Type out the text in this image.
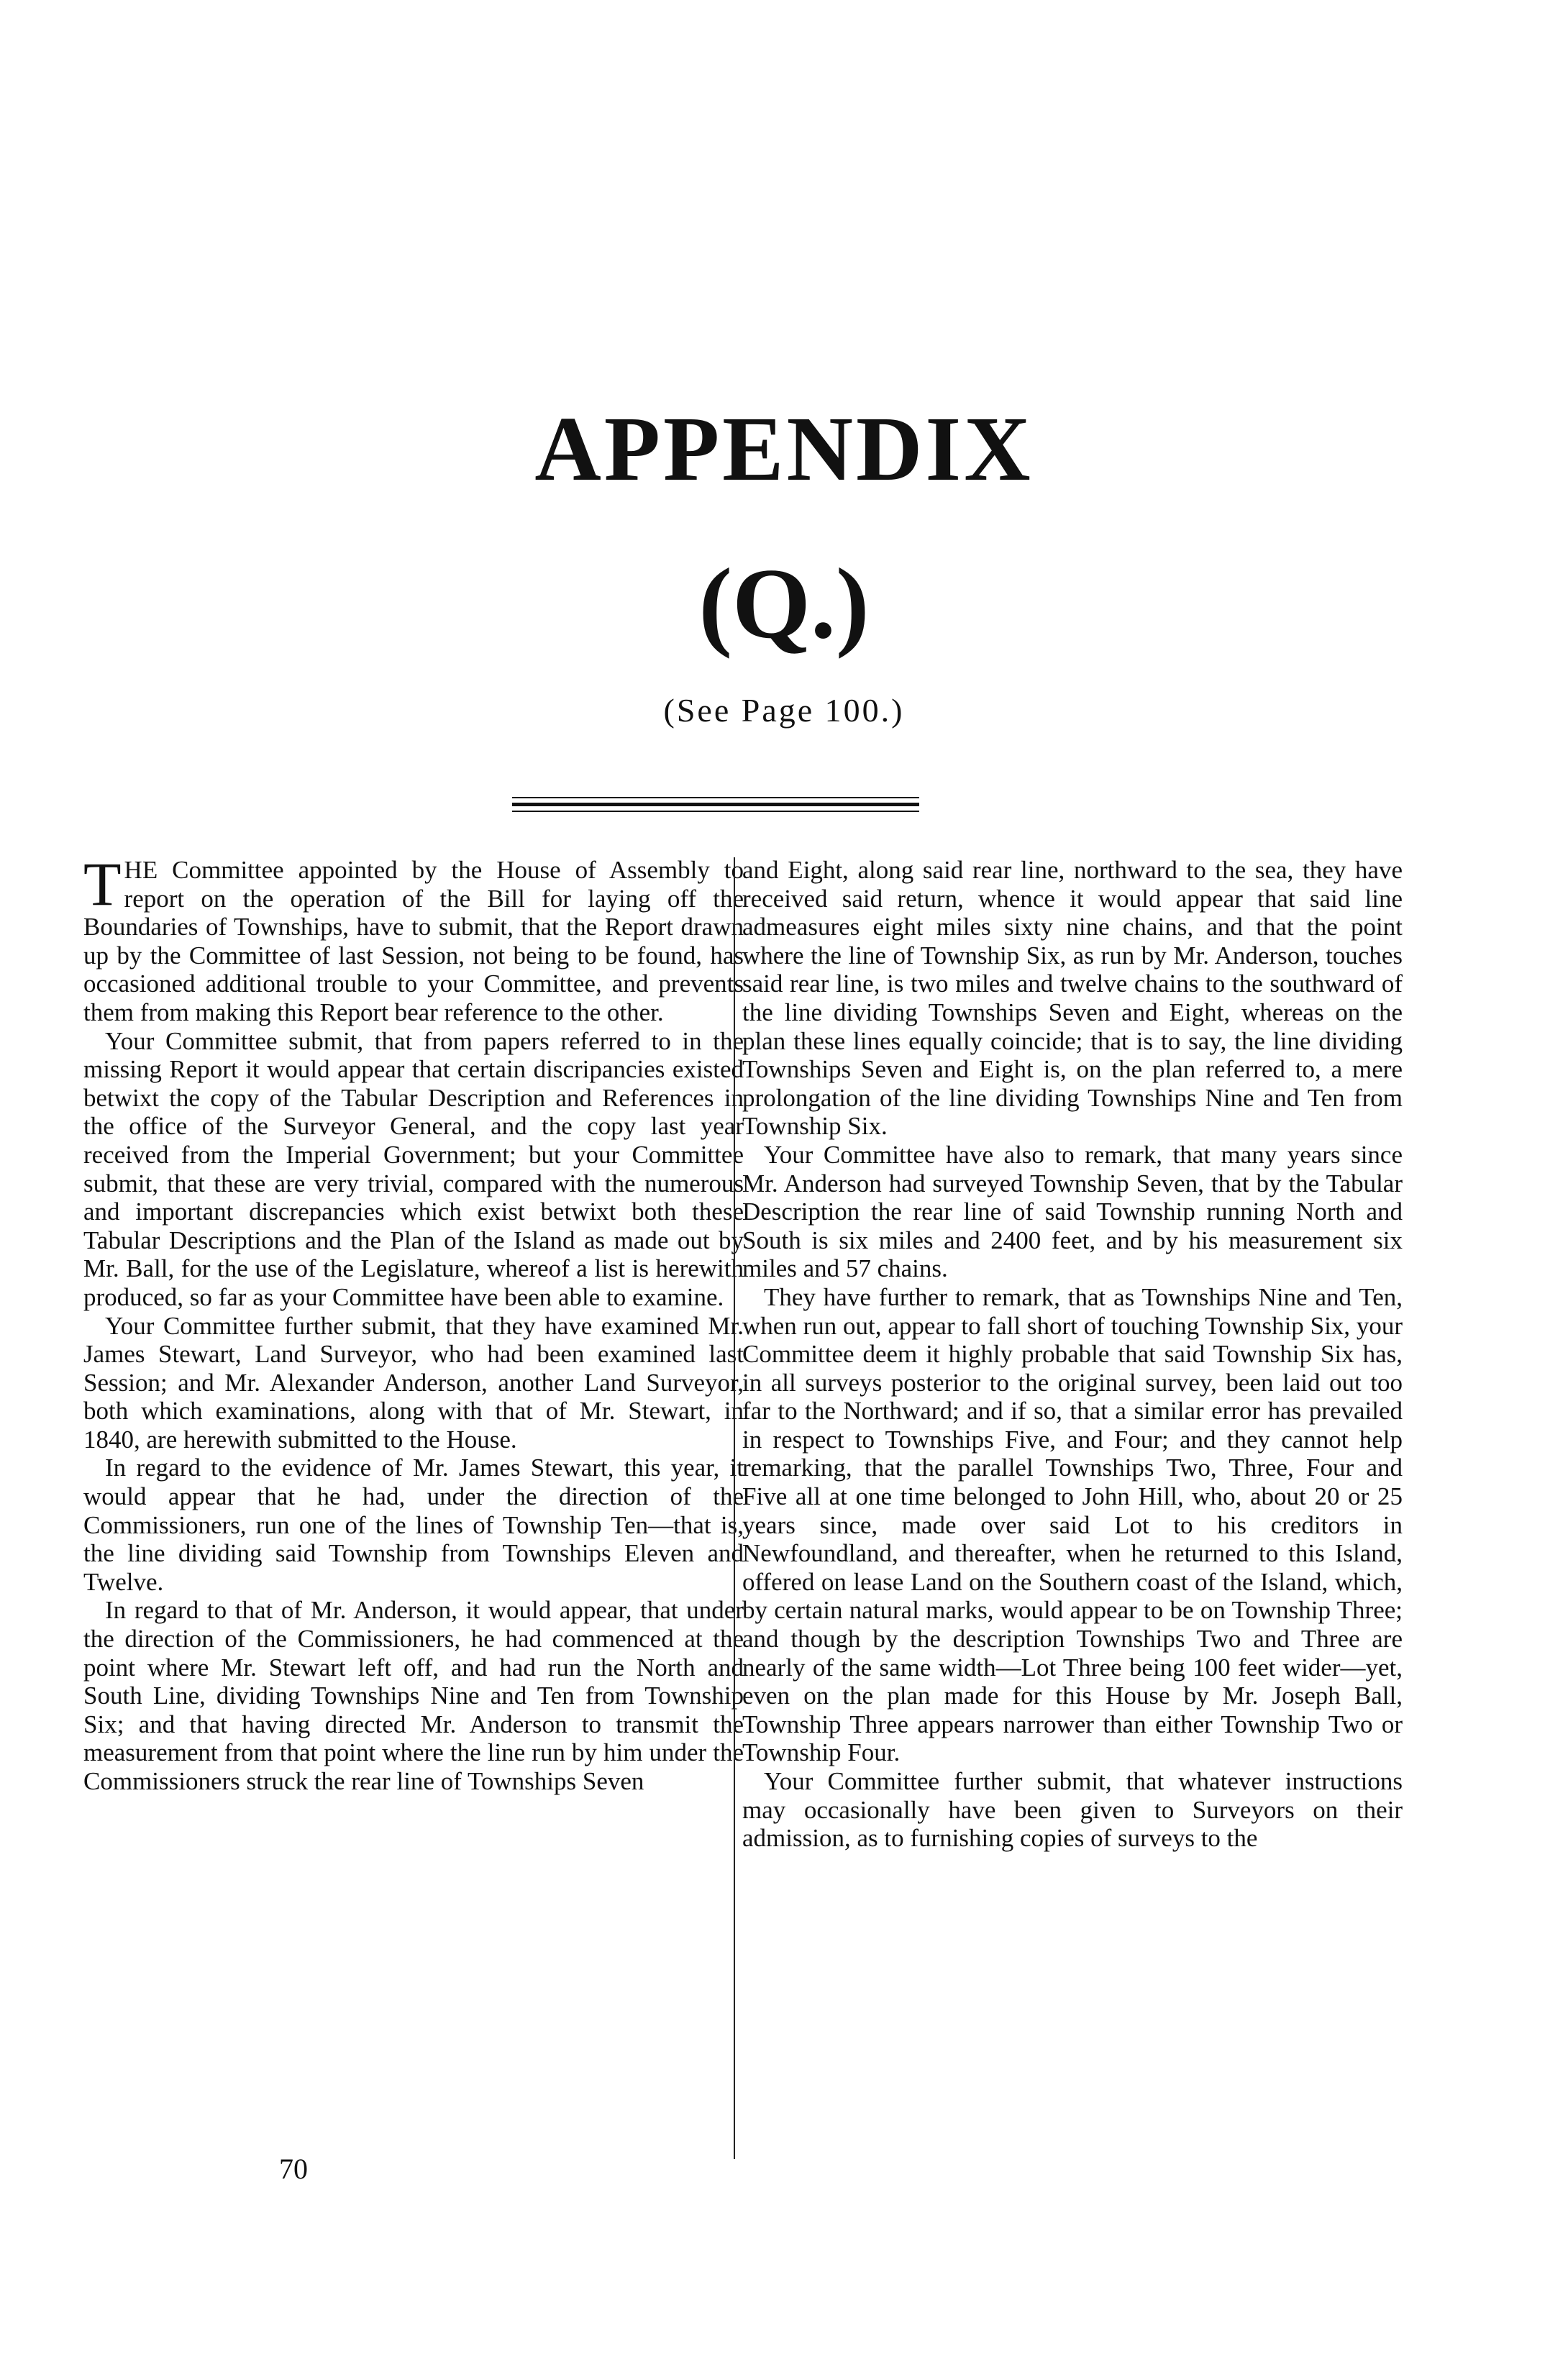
APPENDIX
(Q.)
(See Page 100.)

THE Committee appointed by the House of Assembly to report on the operation of the Bill for laying off the Boundaries of Townships, have to submit, that the Report drawn up by the Committee of last Session, not being to be found, has occasioned additional trouble to your Committee, and prevents them from making this Report bear reference to the other.

Your Committee submit, that from papers referred to in the missing Report it would appear that certain discripancies existed betwixt the copy of the Tabular Description and References in the office of the Surveyor General, and the copy last year received from the Imperial Government; but your Committee submit, that these are very trivial, compared with the numerous and important discrepancies which exist betwixt both these Tabular Descriptions and the Plan of the Island as made out by Mr. Ball, for the use of the Legislature, whereof a list is herewith produced, so far as your Committee have been able to examine.

Your Committee further submit, that they have examined Mr. James Stewart, Land Surveyor, who had been examined last Session; and Mr. Alexander Anderson, another Land Surveyor, both which examinations, along with that of Mr. Stewart, in 1840, are herewith submitted to the House.

In regard to the evidence of Mr. James Stewart, this year, it would appear that he had, under the direction of the Commissioners, run one of the lines of Township Ten—that is, the line dividing said Township from Townships Eleven and Twelve.

In regard to that of Mr. Anderson, it would appear, that under the direction of the Commissioners, he had commenced at the point where Mr. Stewart left off, and had run the North and South Line, dividing Townships Nine and Ten from Township Six; and that having directed Mr. Anderson to transmit the measurement from that point where the line run by him under the Commissioners struck the rear line of Townships Seven

and Eight, along said rear line, northward to the sea, they have received said return, whence it would appear that said line admeasures eight miles sixty nine chains, and that the point where the line of Township Six, as run by Mr. Anderson, touches said rear line, is two miles and twelve chains to the southward of the line dividing Townships Seven and Eight, whereas on the plan these lines equally coincide; that is to say, the line dividing Townships Seven and Eight is, on the plan referred to, a mere prolongation of the line dividing Townships Nine and Ten from Township Six.

Your Committee have also to remark, that many years since Mr. Anderson had surveyed Township Seven, that by the Tabular Description the rear line of said Township running North and South is six miles and 2400 feet, and by his measurement six miles and 57 chains.

They have further to remark, that as Townships Nine and Ten, when run out, appear to fall short of touching Township Six, your Committee deem it highly probable that said Township Six has, in all surveys posterior to the original survey, been laid out too far to the Northward; and if so, that a similar error has prevailed in respect to Townships Five, and Four; and they cannot help remarking, that the parallel Townships Two, Three, Four and Five all at one time belonged to John Hill, who, about 20 or 25 years since, made over said Lot to his creditors in Newfoundland, and thereafter, when he returned to this Island, offered on lease Land on the Southern coast of the Island, which, by certain natural marks, would appear to be on Township Three; and though by the description Townships Two and Three are nearly of the same width—Lot Three being 100 feet wider—yet, even on the plan made for this House by Mr. Joseph Ball, Township Three appears narrower than either Township Two or Township Four.

Your Committee further submit, that whatever instructions may occasionally have been given to Surveyors on their admission, as to furnishing copies of surveys to the

70
